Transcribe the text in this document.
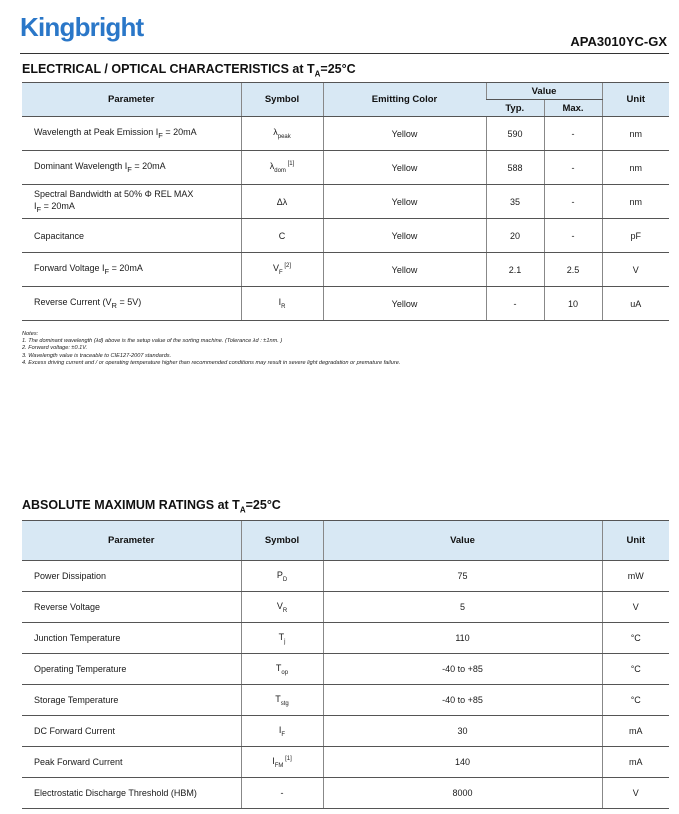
Kingbright	APA3010YC-GX
ELECTRICAL / OPTICAL CHARACTERISTICS at $T_A=25^\circ C$
Parameter	Symbol	Emitting Color	Value		Unit
			Typ.	Max.	
Wavelength at Peak Emission $I_F = 20mA$	$\lambda_{peak}$	Yellow	590	-	nm
Dominant Wavelength $I_F = 20mA$	$\lambda_{dom}$ [1]	Yellow	588	-	nm
Spectral Bandwidth at 50% Φ REL MAX
$I_F = 20mA$	Δλ	Yellow	35	-	nm
Capacitance	C	Yellow	20	-	pF
Forward Voltage $I_F = 20mA$	$V_F$ [2]	Yellow	2.1	2.5	V
Reverse Current $(V_R = 5V)$	$I_R$	Yellow	-	10	uA
Notes:
1. The dominant wavelength (λd) above is the setup value of the sorting machine. (Tolerance λd : ±1nm. )
2. Forward voltage: ±0.1V.
3. Wavelength value is traceable to CIE127-2007 standards.
4. Excess driving current and / or operating temperature higher than recommended conditions may result in severe light degradation or premature failure.
ABSOLUTE MAXIMUM RATINGS at $T_A=25^\circ C$
Parameter	Symbol	Value	Unit
Power Dissipation	$P_D$	75	mW
Reverse Voltage	$V_R$	5	V
Junction Temperature	$T_j$	110	°C
Operating Temperature	$T_{op}$	-40 to +85	°C
Storage Temperature	$T_{stg}$	-40 to +85	°C
DC Forward Current	$I_F$	30	mA
Peak Forward Current	$I_{FM}$ [1]	140	mA
Electrostatic Discharge Threshold (HBM)	-	8000	V
